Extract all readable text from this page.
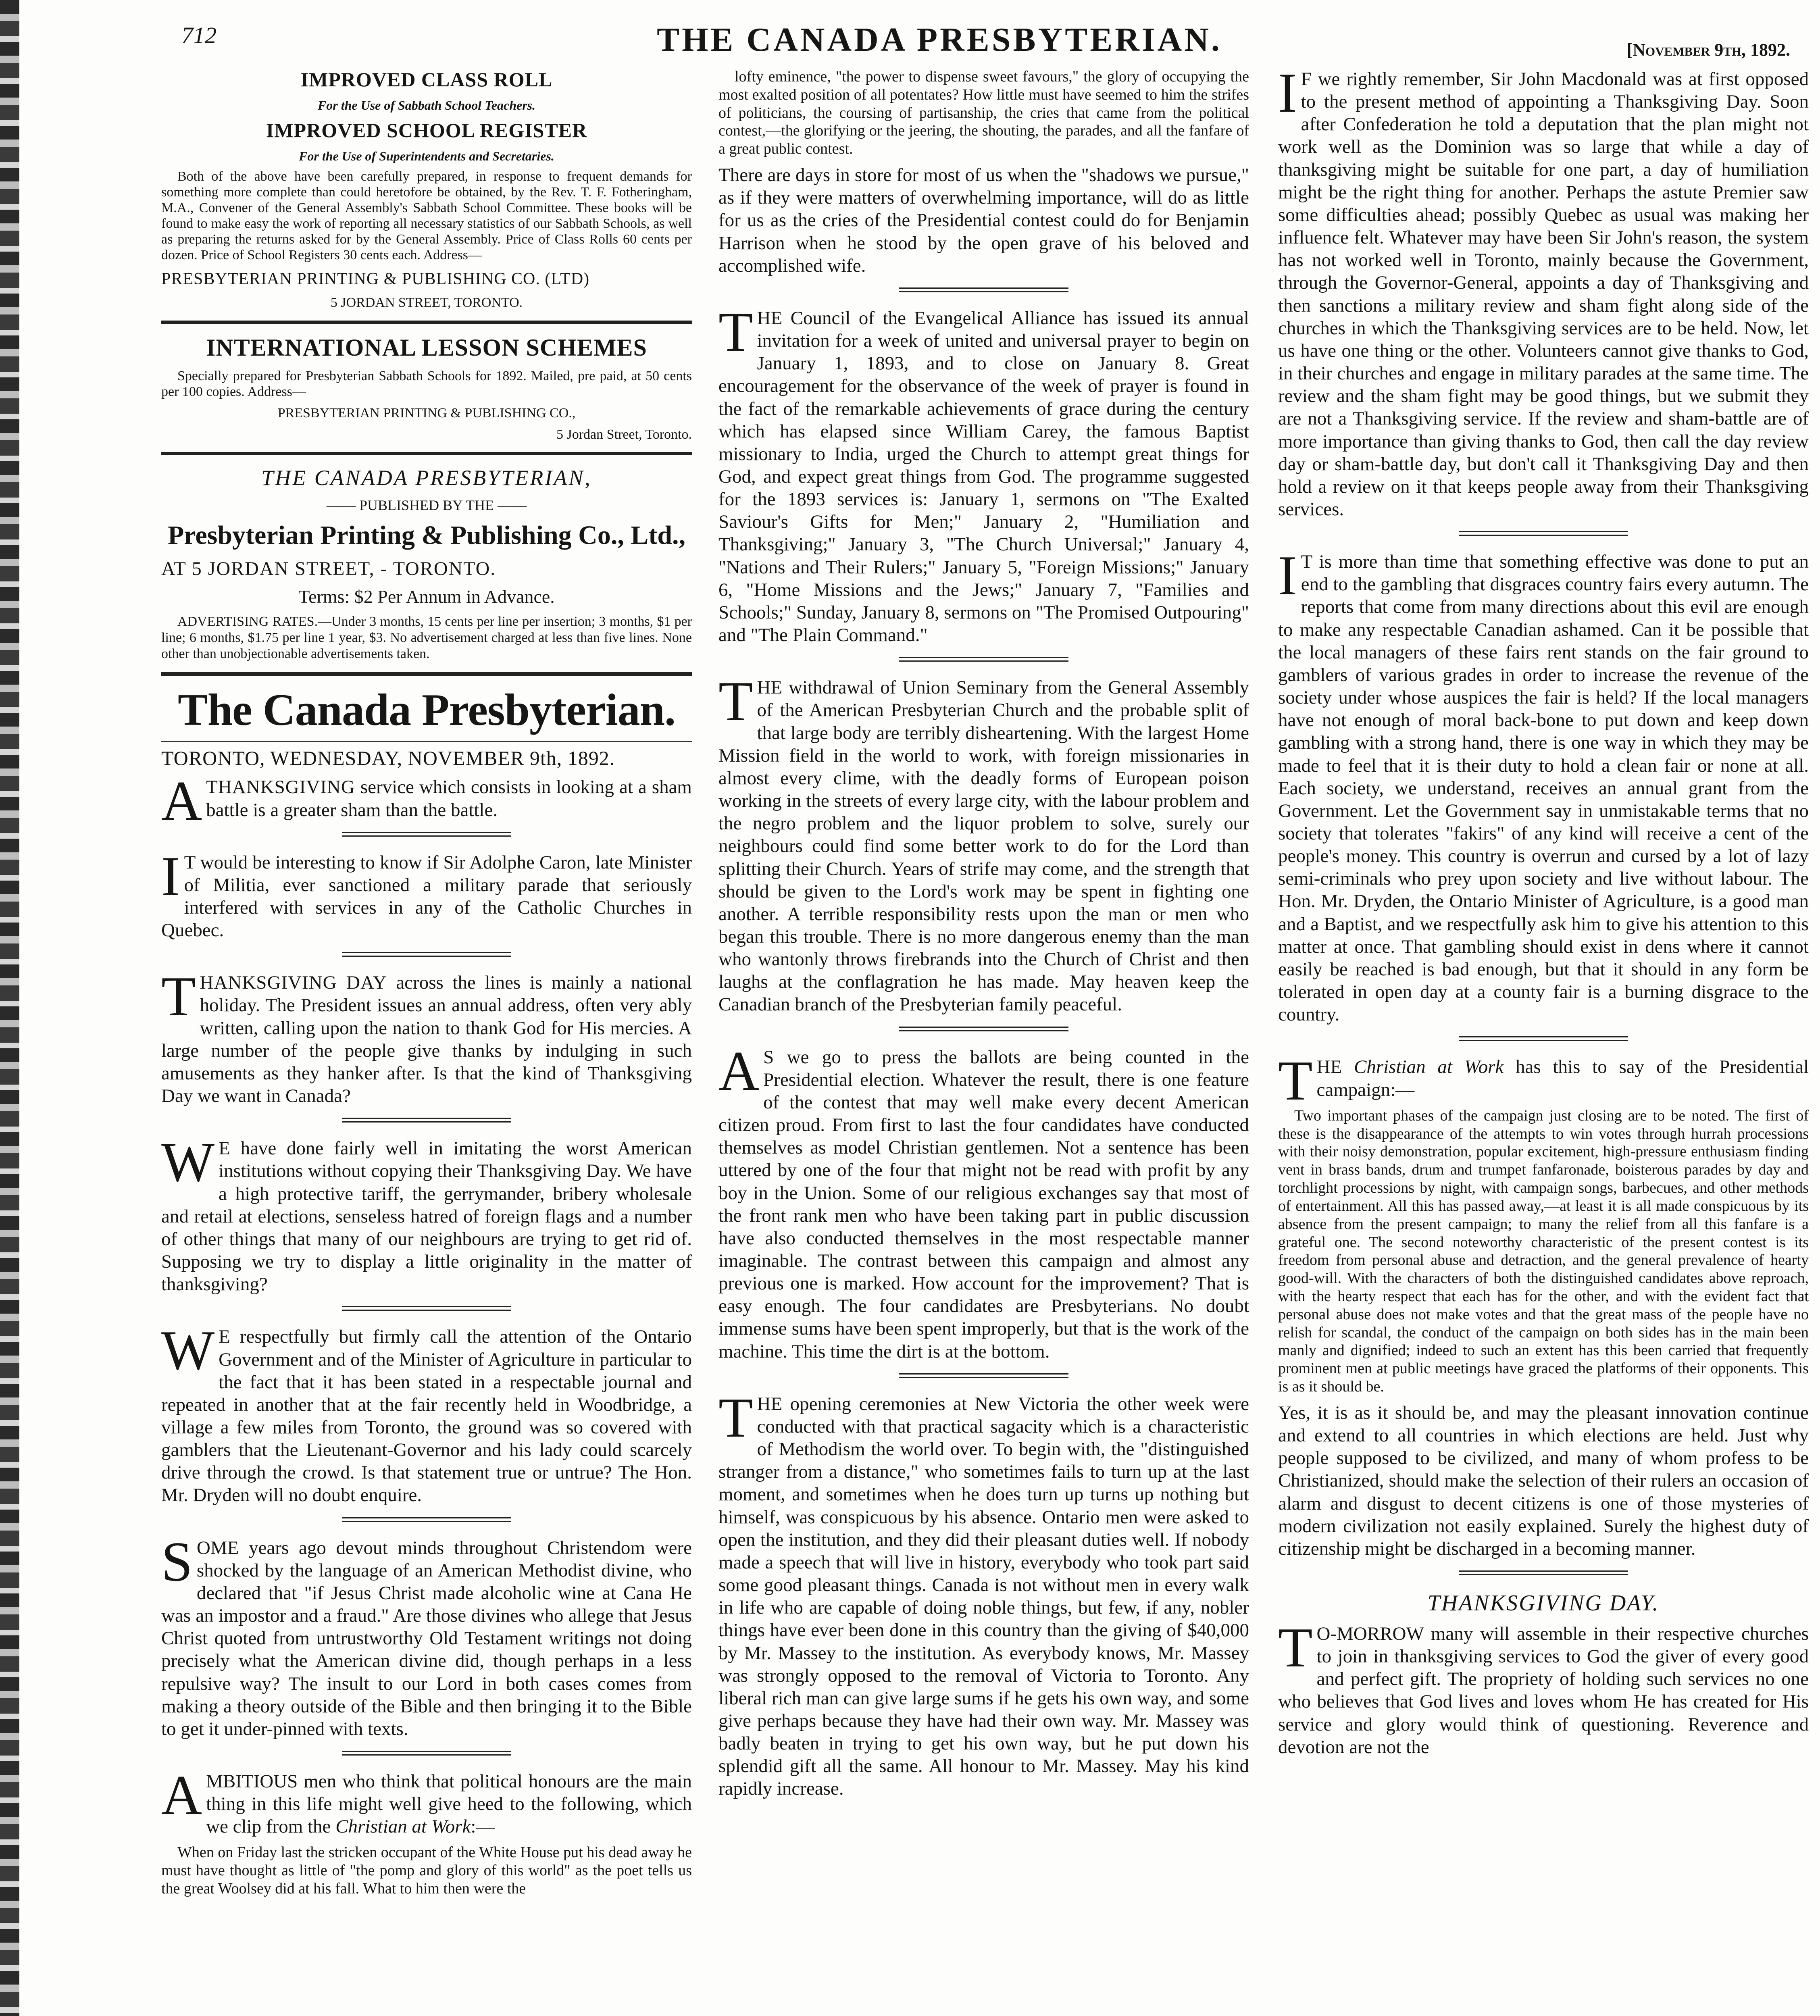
712	THE CANADA PRESBYTERIAN.	[November 9th, 1892.

IMPROVED CLASS ROLL

For the Use of Sabbath School Teachers.

IMPROVED SCHOOL REGISTER

For the Use of Superintendents and Secretaries.

Both of the above have been carefully prepared, in response to frequent demands for something more complete than could heretofore be obtained, by the Rev. T. F. Fotheringham, M.A., Convener of the General Assembly's Sabbath School Committee. These books will be found to make easy the work of reporting all necessary statistics of our Sabbath Schools, as well as preparing the returns asked for by the General Assembly. Price of Class Rolls 60 cents per dozen. Price of School Registers 30 cents each. Address—

PRESBYTERIAN PRINTING & PUBLISHING CO. (LTD)

5 JORDAN STREET, TORONTO.

INTERNATIONAL LESSON SCHEMES

Specially prepared for Presbyterian Sabbath Schools for 1892. Mailed, pre paid, at 50 cents per 100 copies. Address—

PRESBYTERIAN PRINTING & PUBLISHING CO.,

5 Jordan Street, Toronto.

THE CANADA PRESBYTERIAN,

—— PUBLISHED BY THE ——

Presbyterian Printing & Publishing Co., Ltd.,

AT 5 JORDAN STREET, - TORONTO.

Terms: $2 Per Annum in Advance.

ADVERTISING RATES.—Under 3 months, 15 cents per line per insertion; 3 months, $1 per line; 6 months, $1.75 per line 1 year, $3. No advertisement charged at less than five lines. None other than unobjectionable advertisements taken.

The Canada Presbyterian.

TORONTO, WEDNESDAY, NOVEMBER 9th, 1892.

ATHANKSGIVING service which consists in looking at a sham battle is a greater sham than the battle.

I T would be interesting to know if Sir Adolphe Caron, late Minister of Militia, ever sanctioned a military parade that seriously interfered with services in any of the Catholic Churches in Quebec.

THANKSGIVING DAY across the lines is mainly a national holiday. The President issues an annual address, often very ably written, calling upon the nation to thank God for His mercies. A large number of the people give thanks by indulging in such amusements as they hanker after. Is that the kind of Thanksgiving Day we want in Canada?

W E have done fairly well in imitating the worst American institutions without copying their Thanksgiving Day. We have a high protective tariff, the gerrymander, bribery wholesale and retail at elections, senseless hatred of foreign flags and a number of other things that many of our neighbours are trying to get rid of. Supposing we try to display a little originality in the matter of thanksgiving?

W E respectfully but firmly call the attention of the Ontario Government and of the Minister of Agriculture in particular to the fact that it has been stated in a respectable journal and repeated in another that at the fair recently held in Woodbridge, a village a few miles from Toronto, the ground was so covered with gamblers that the Lieutenant-Governor and his lady could scarcely drive through the crowd. Is that statement true or untrue? The Hon. Mr. Dryden will no doubt enquire.

SOME years ago devout minds throughout Christendom were shocked by the language of an American Methodist divine, who declared that "if Jesus Christ made alcoholic wine at Cana He was an impostor and a fraud." Are those divines who allege that Jesus Christ quoted from untrustworthy Old Testament writings not doing precisely what the American divine did, though perhaps in a less repulsive way? The insult to our Lord in both cases comes from making a theory outside of the Bible and then bringing it to the Bible to get it under-pinned with texts.

AMBITIOUS men who think that political honours are the main thing in this life might well give heed to the following, which we clip from the Christian at Work:—

When on Friday last the stricken occupant of the White House put his dead away he must have thought as little of "the pomp and glory of this world" as the poet tells us the great Woolsey did at his fall. What to him then were the

lofty eminence, "the power to dispense sweet favours," the glory of occupying the most exalted position of all potentates? How little must have seemed to him the strifes of politicians, the coursing of partisanship, the cries that came from the political contest,—the glorifying or the jeering, the shouting, the parades, and all the fanfare of a great public contest.

There are days in store for most of us when the "shadows we pursue," as if they were matters of overwhelming importance, will do as little for us as the cries of the Presidential contest could do for Benjamin Harrison when he stood by the open grave of his beloved and accomplished wife.

THE Council of the Evangelical Alliance has issued its annual invitation for a week of united and universal prayer to begin on January 1, 1893, and to close on January 8. Great encouragement for the observance of the week of prayer is found in the fact of the remarkable achievements of grace during the century which has elapsed since William Carey, the famous Baptist missionary to India, urged the Church to attempt great things for God, and expect great things from God. The programme suggested for the 1893 services is: January 1, sermons on "The Exalted Saviour's Gifts for Men;" January 2, "Humiliation and Thanksgiving;" January 3, "The Church Universal;" January 4, "Nations and Their Rulers;" January 5, "Foreign Missions;" January 6, "Home Missions and the Jews;" January 7, "Families and Schools;" Sunday, January 8, sermons on "The Promised Outpouring" and "The Plain Command."

THE withdrawal of Union Seminary from the General Assembly of the American Presbyterian Church and the probable split of that large body are terribly disheartening. With the largest Home Mission field in the world to work, with foreign missionaries in almost every clime, with the deadly forms of European poison working in the streets of every large city, with the labour problem and the negro problem and the liquor problem to solve, surely our neighbours could find some better work to do for the Lord than splitting their Church. Years of strife may come, and the strength that should be given to the Lord's work may be spent in fighting one another. A terrible responsibility rests upon the man or men who began this trouble. There is no more dangerous enemy than the man who wantonly throws firebrands into the Church of Christ and then laughs at the conflagration he has made. May heaven keep the Canadian branch of the Presbyterian family peaceful.

A S we go to press the ballots are being counted in the Presidential election. Whatever the result, there is one feature of the contest that may well make every decent American citizen proud. From first to last the four candidates have conducted themselves as model Christian gentlemen. Not a sentence has been uttered by one of the four that might not be read with profit by any boy in the Union. Some of our religious exchanges say that most of the front rank men who have been taking part in public discussion have also conducted themselves in the most respectable manner imaginable. The contrast between this campaign and almost any previous one is marked. How account for the improvement? That is easy enough. The four candidates are Presbyterians. No doubt immense sums have been spent improperly, but that is the work of the machine. This time the dirt is at the bottom.

THE opening ceremonies at New Victoria the other week were conducted with that practical sagacity which is a characteristic of Methodism the world over. To begin with, the "distinguished stranger from a distance," who sometimes fails to turn up at the last moment, and sometimes when he does turn up turns up nothing but himself, was conspicuous by his absence. Ontario men were asked to open the institution, and they did their pleasant duties well. If nobody made a speech that will live in history, everybody who took part said some good pleasant things. Canada is not without men in every walk in life who are capable of doing noble things, but few, if any, nobler things have ever been done in this country than the giving of $40,000 by Mr. Massey to the institution. As everybody knows, Mr. Massey was strongly opposed to the removal of Victoria to Toronto. Any liberal rich man can give large sums if he gets his own way, and some give perhaps because they have had their own way. Mr. Massey was badly beaten in trying to get his own way, but he put down his splendid gift all the same. All honour to Mr. Massey. May his kind rapidly increase.

I F we rightly remember, Sir John Macdonald was at first opposed to the present method of appointing a Thanksgiving Day. Soon after Confederation he told a deputation that the plan might not work well as the Dominion was so large that while a day of thanksgiving might be suitable for one part, a day of humiliation might be the right thing for another. Perhaps the astute Premier saw some difficulties ahead; possibly Quebec as usual was making her influence felt. Whatever may have been Sir John's reason, the system has not worked well in Toronto, mainly because the Government, through the Governor-General, appoints a day of Thanksgiving and then sanctions a military review and sham fight along side of the churches in which the Thanksgiving services are to be held. Now, let us have one thing or the other. Volunteers cannot give thanks to God, in their churches and engage in military parades at the same time. The review and the sham fight may be good things, but we submit they are not a Thanksgiving service. If the review and sham-battle are of more importance than giving thanks to God, then call the day review day or sham-battle day, but don't call it Thanksgiving Day and then hold a review on it that keeps people away from their Thanksgiving services.

I T is more than time that something effective was done to put an end to the gambling that disgraces country fairs every autumn. The reports that come from many directions about this evil are enough to make any respectable Canadian ashamed. Can it be possible that the local managers of these fairs rent stands on the fair ground to gamblers of various grades in order to increase the revenue of the society under whose auspices the fair is held? If the local managers have not enough of moral back-bone to put down and keep down gambling with a strong hand, there is one way in which they may be made to feel that it is their duty to hold a clean fair or none at all. Each society, we understand, receives an annual grant from the Government. Let the Government say in unmistakable terms that no society that tolerates "fakirs" of any kind will receive a cent of the people's money. This country is overrun and cursed by a lot of lazy semi-criminals who prey upon society and live without labour. The Hon. Mr. Dryden, the Ontario Minister of Agriculture, is a good man and a Baptist, and we respectfully ask him to give his attention to this matter at once. That gambling should exist in dens where it cannot easily be reached is bad enough, but that it should in any form be tolerated in open day at a county fair is a burning disgrace to the country.

THE Christian at Work has this to say of the Presidential campaign:—

Two important phases of the campaign just closing are to be noted. The first of these is the disappearance of the attempts to win votes through hurrah processions with their noisy demonstration, popular excitement, high-pressure enthusiasm finding vent in brass bands, drum and trumpet fanfaronade, boisterous parades by day and torchlight processions by night, with campaign songs, barbecues, and other methods of entertainment. All this has passed away,—at least it is all made conspicuous by its absence from the present campaign; to many the relief from all this fanfare is a grateful one. The second noteworthy characteristic of the present contest is its freedom from personal abuse and detraction, and the general prevalence of hearty good-will. With the characters of both the distinguished candidates above reproach, with the hearty respect that each has for the other, and with the evident fact that personal abuse does not make votes and that the great mass of the people have no relish for scandal, the conduct of the campaign on both sides has in the main been manly and dignified; indeed to such an extent has this been carried that frequently prominent men at public meetings have graced the platforms of their opponents. This is as it should be.

Yes, it is as it should be, and may the pleasant innovation continue and extend to all countries in which elections are held. Just why people supposed to be civilized, and many of whom profess to be Christianized, should make the selection of their rulers an occasion of alarm and disgust to decent citizens is one of those mysteries of modern civilization not easily explained. Surely the highest duty of citizenship might be discharged in a becoming manner.

THANKSGIVING DAY.

T O-MORROW many will assemble in their respective churches to join in thanksgiving services to God the giver of every good and perfect gift. The propriety of holding such services no one who believes that God lives and loves whom He has created for His service and glory would think of questioning. Reverence and devotion are not the
